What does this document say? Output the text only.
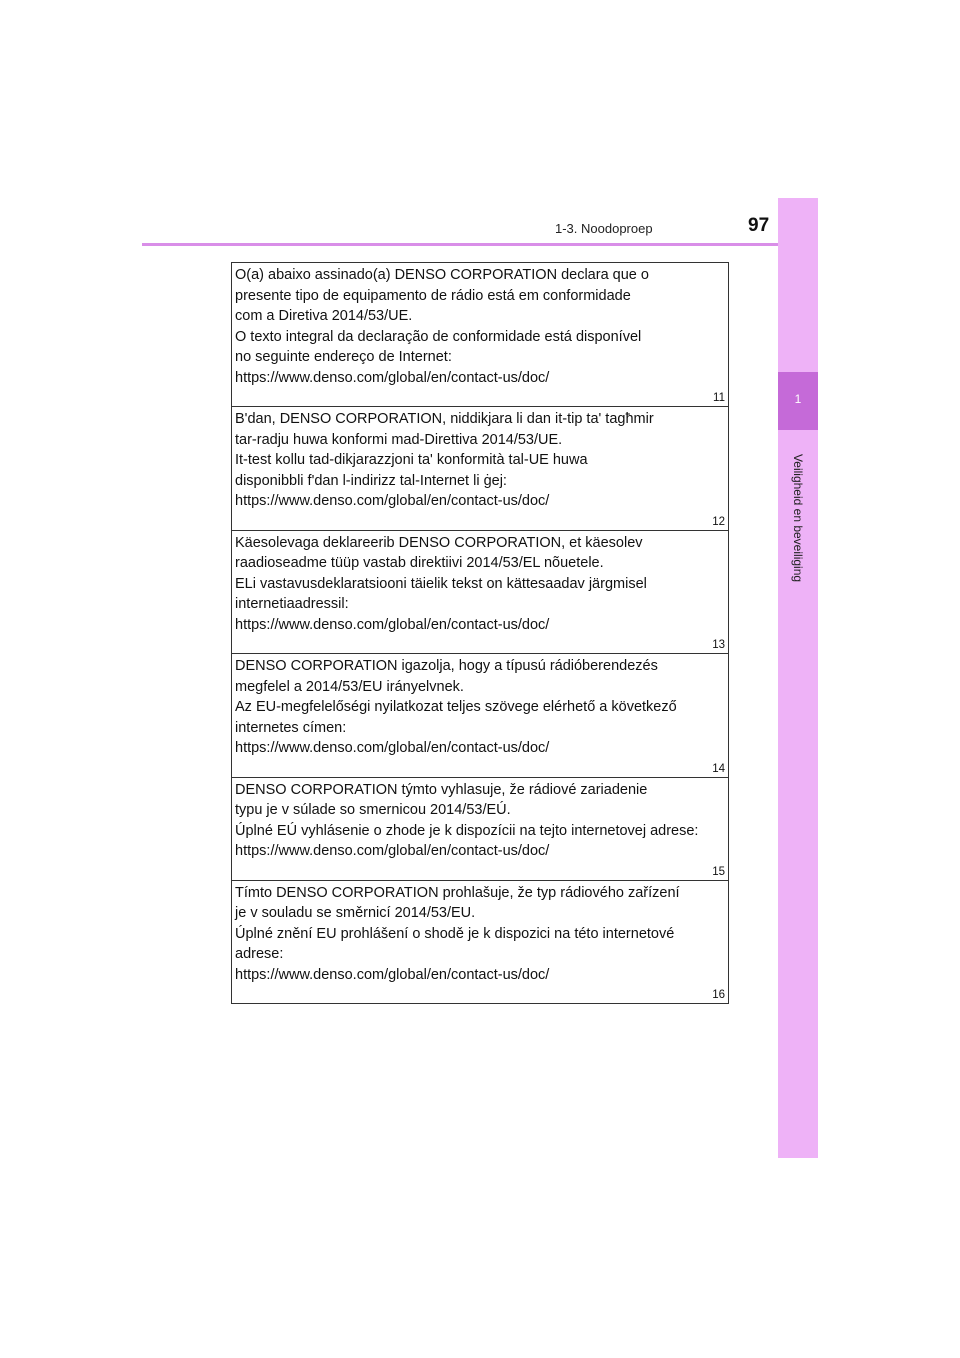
97
1-3. Noodoproep
1
Veiligheid en beveiliging
O(a) abaixo assinado(a) DENSO CORPORATION declara que o
presente tipo de equipamento de rádio está em conformidade
com a Diretiva 2014/53/UE.
O texto integral da declaração de conformidade está disponível
no seguinte endereço de Internet:
https://www.denso.com/global/en/contact-us/doc/
11
B'dan, DENSO CORPORATION, niddikjara li dan it-tip ta' tagħmir
tar-radju huwa konformi mad-Direttiva 2014/53/UE.
It-test kollu tad-dikjarazzjoni ta' konformità tal-UE huwa
disponibbli f'dan l-indirizz tal-Internet li ġej:
https://www.denso.com/global/en/contact-us/doc/
12
Käesolevaga deklareerib DENSO CORPORATION, et käesolev
raadioseadme tüüp vastab direktiivi 2014/53/EL nõuetele.
ELi vastavusdeklaratsiooni täielik tekst on kättesaadav järgmisel
internetiaadressil:
https://www.denso.com/global/en/contact-us/doc/
13
DENSO CORPORATION igazolja, hogy a típusú rádióberendezés
megfelel a 2014/53/EU irányelvnek.
Az EU-megfelelőségi nyilatkozat teljes szövege elérhető a következő
internetes címen:
https://www.denso.com/global/en/contact-us/doc/
14
DENSO CORPORATION týmto vyhlasuje, že rádiové zariadenie
typu je v súlade so smernicou 2014/53/EÚ.
Úplné EÚ vyhlásenie o zhode je k dispozícii na tejto internetovej adrese:
https://www.denso.com/global/en/contact-us/doc/
15
Tímto DENSO CORPORATION prohlašuje, že typ rádiového zařízení
je v souladu se směrnicí 2014/53/EU.
Úplné znění EU prohlášení o shodě je k dispozici na této internetové
adrese:
https://www.denso.com/global/en/contact-us/doc/
16
